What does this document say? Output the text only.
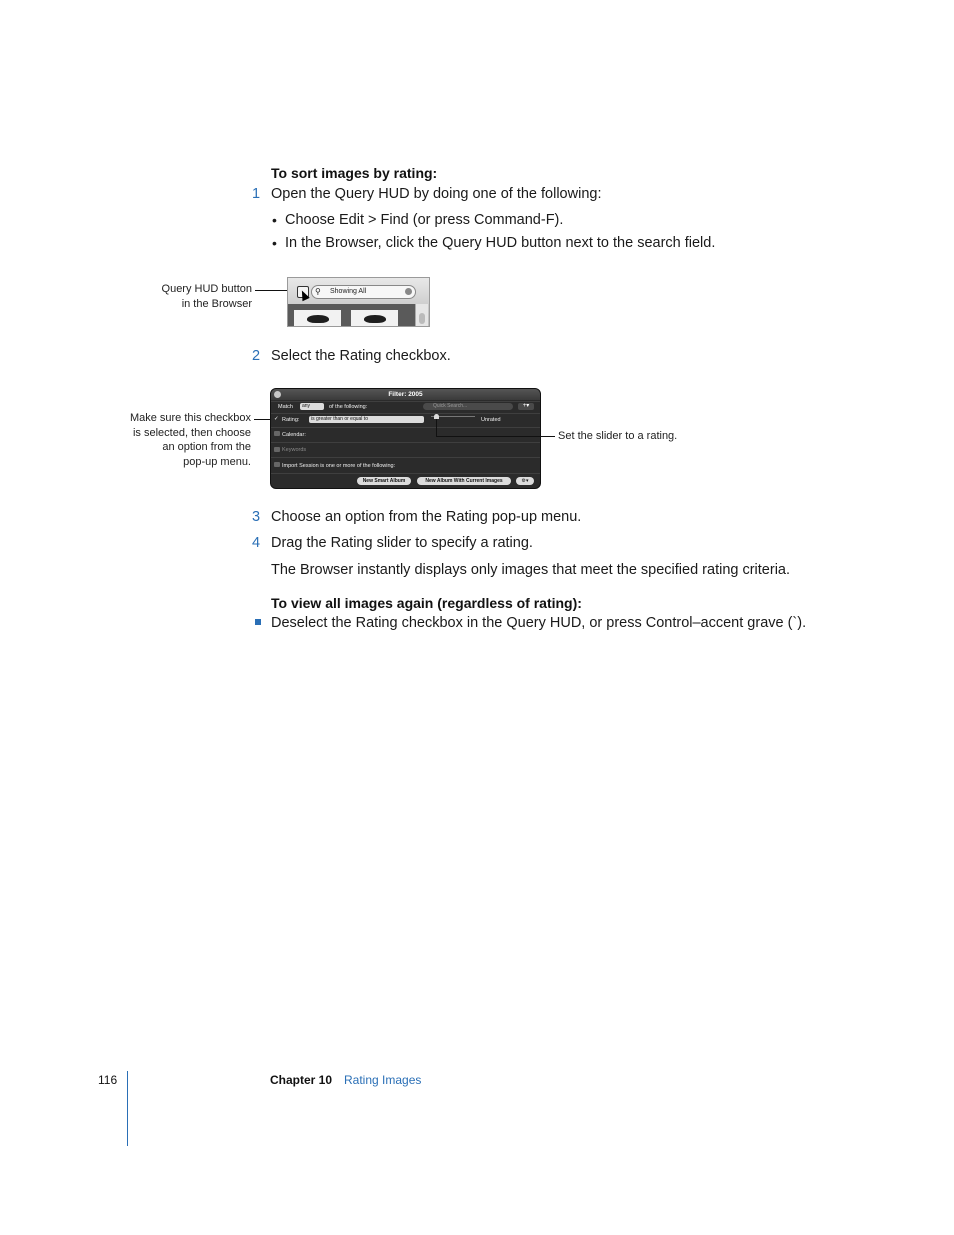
To sort images by rating:
1 Open the Query HUD by doing one of the following:
• Choose Edit > Find (or press Command-F).
• In the Browser, click the Query HUD button next to the search field.
Query HUD button
in the Browser
⚲ Showing All
2 Select the Rating checkbox.
Make sure this checkbox
is selected, then choose
an option from the
pop-up menu.
Filter: 2005
Match	any	of the following:	Quick Search...	+▾
✓ Rating:	is greater than or equal to	Unrated
Calendar:
Keywords
Import Session is one or more of the following:
New Smart Album	New Album With Current Images	⚙▾
Set the slider to a rating.
3 Choose an option from the Rating pop-up menu.
4 Drag the Rating slider to specify a rating.
The Browser instantly displays only images that meet the specified rating criteria.
To view all images again (regardless of rating):
Deselect the Rating checkbox in the Query HUD, or press Control–accent grave (`).
116	Chapter 10 Rating Images
